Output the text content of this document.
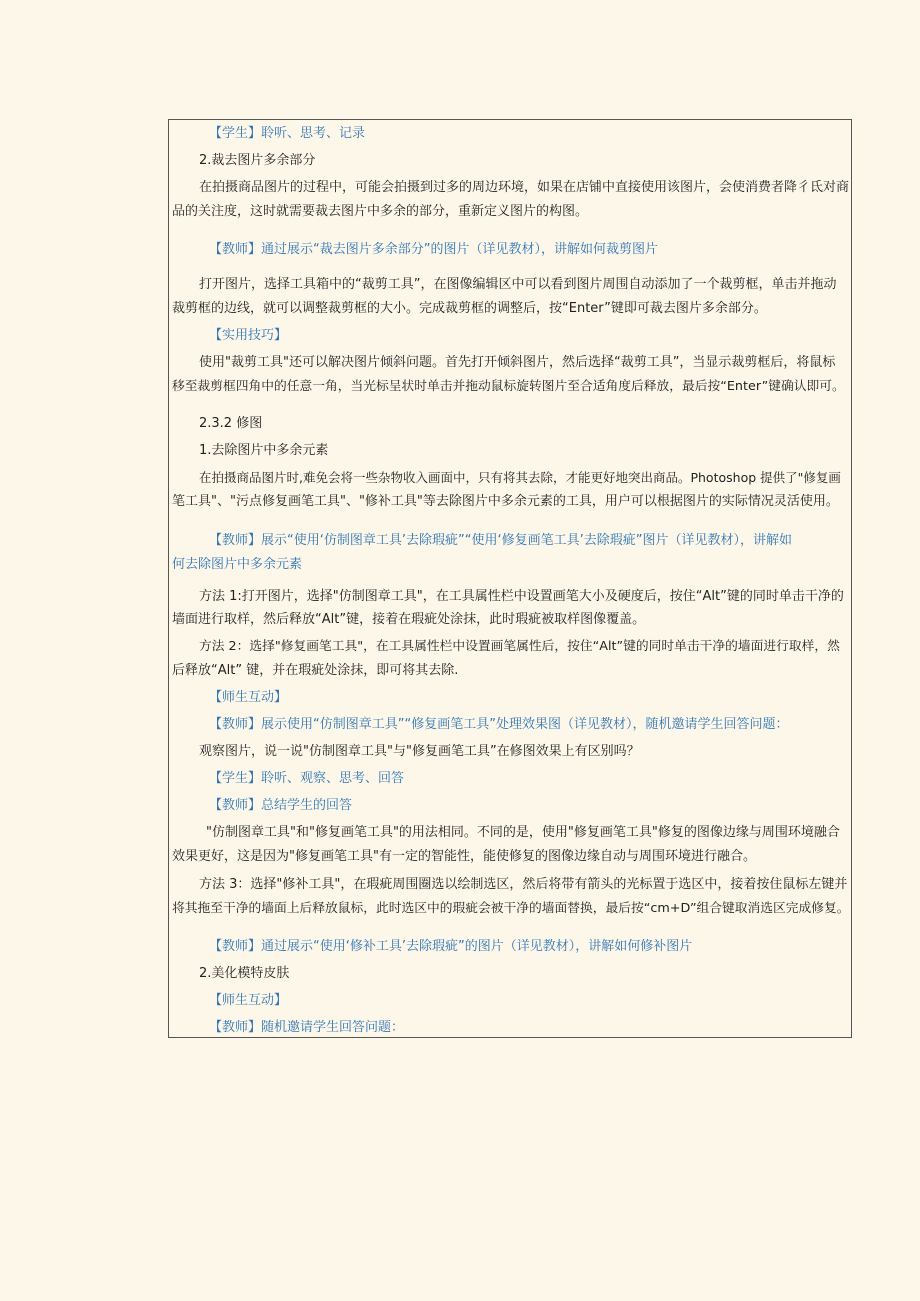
【学生】聆听、思考、记录

2.裁去图片多余部分

在拍摄商品图片的过程中，可能会拍摄到过多的周边环境，如果在店铺中直接使用该图片，会使消费者降彳氐对商

品的关注度，这时就需要裁去图片中多余的部分，重新定义图片的构图。

【教师】通过展示“裁去图片多余部分”的图片（详见教材），讲解如何裁剪图片

打开图片，选择工具箱中的“裁剪工具”，在图像编辑区中可以看到图片周围自动添加了一个裁剪框，单击并拖动

裁剪框的边线，就可以调整裁剪框的大小。完成裁剪框的调整后，按“Enter”键即可裁去图片多余部分。

【实用技巧】

使用"裁剪工具"还可以解决图片倾斜问题。首先打开倾斜图片，然后选择“裁剪工具”，当显示裁剪框后，将鼠标

移至裁剪框四角中的任意一角，当光标呈状时单击并拖动鼠标旋转图片至合适角度后释放，最后按“Enter”键确认即可。

2.3.2 修图

1.去除图片中多余元素

在拍摄商品图片时,难免会将一些杂物收入画面中，只有将其去除，才能更好地突出商品。Photoshop 提供了"修复画

笔工具"、"污点修复画笔工具"、"修补工具"等去除图片中多余元素的工具，用户可以根据图片的实际情况灵活使用。

【教师】展示“使用‘仿制图章工具’去除瑕疵”“使用‘修复画笔工具’去除瑕疵”图片（详见教材），讲解如

何去除图片中多余元素

方法 1:打开图片，选择"仿制图章工具"，在工具属性栏中设置画笔大小及硬度后，按住“Alt”键的同时单击干净的

墙面进行取样，然后释放“Alt”键，接着在瑕疵处涂抹，此时瑕疵被取样图像覆盖。

方法 2：选择"修复画笔工具"，在工具属性栏中设置画笔属性后，按住“Alt”键的同时单击干净的墙面进行取样，然

后释放“Alt” 键，并在瑕疵处涂抹，即可将其去除.

【师生互动】

【教师】展示使用“仿制图章工具”“修复画笔工具”处理效果图（详见教材），随机邀请学生回答问题：

观察图片，说一说"仿制图章工具"与"修复画笔工具”在修图效果上有区别吗？

【学生】聆听、观察、思考、回答

【教师】总结学生的回答

"仿制图章工具"和"修复画笔工具"的用法相同。不同的是，使用"修复画笔工具"修复的图像边缘与周围环境融合

效果更好，这是因为"修复画笔工具"有一定的智能性，能使修复的图像边缘自动与周围环境进行融合。

方法 3：选择"修补工具"，在瑕疵周围圈选以绘制选区，然后将带有箭头的光标置于选区中，接着按住鼠标左键并

将其拖至干净的墙面上后释放鼠标，此时选区中的瑕疵会被干净的墙面替换，最后按“cm+D”组合键取消选区完成修复。

【教师】通过展示“使用‘修补工具’去除瑕疵”的图片（详见教材），讲解如何修补图片

2.美化模特皮肤

【师生互动】

【教师】随机邀请学生回答问题：
